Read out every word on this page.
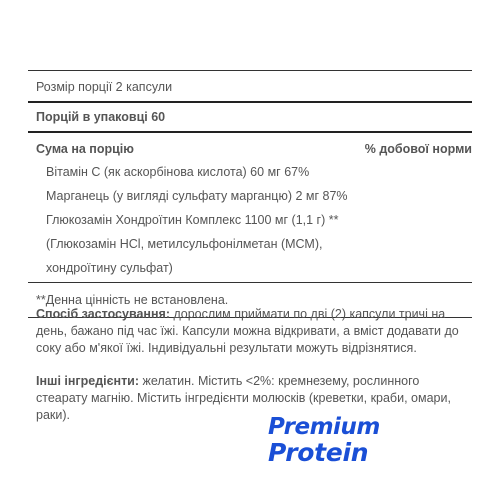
Розмір порції 2 капсули
Порцій в упаковці 60
Сума на порцію	% добової норми
Вітамін С (як аскорбінова кислота) 60 мг 67%
Марганець (у вигляді сульфату марганцю) 2 мг 87%
Глюкозамін Хондроїтин Комплекс 1100 мг (1,1 г) **
(Глюкозамін HCl, метилсульфонілметан (МСМ),
хондроїтину сульфат)
**Денна цінність не встановлена.
Спосіб застосування: дорослим приймати по дві (2) капсули тричі на день, бажано під час їжі. Капсули можна відкривати, а вміст додавати до соку або м'якої їжі. Індивідуальні результати можуть відрізнятися.
Інші інгредієнти: желатин. Містить <2%: кремнезему, рослинного стеарату магнію. Містить інгредієнти молюсків (креветки, краби, омари, раки).	Premium
Protein
